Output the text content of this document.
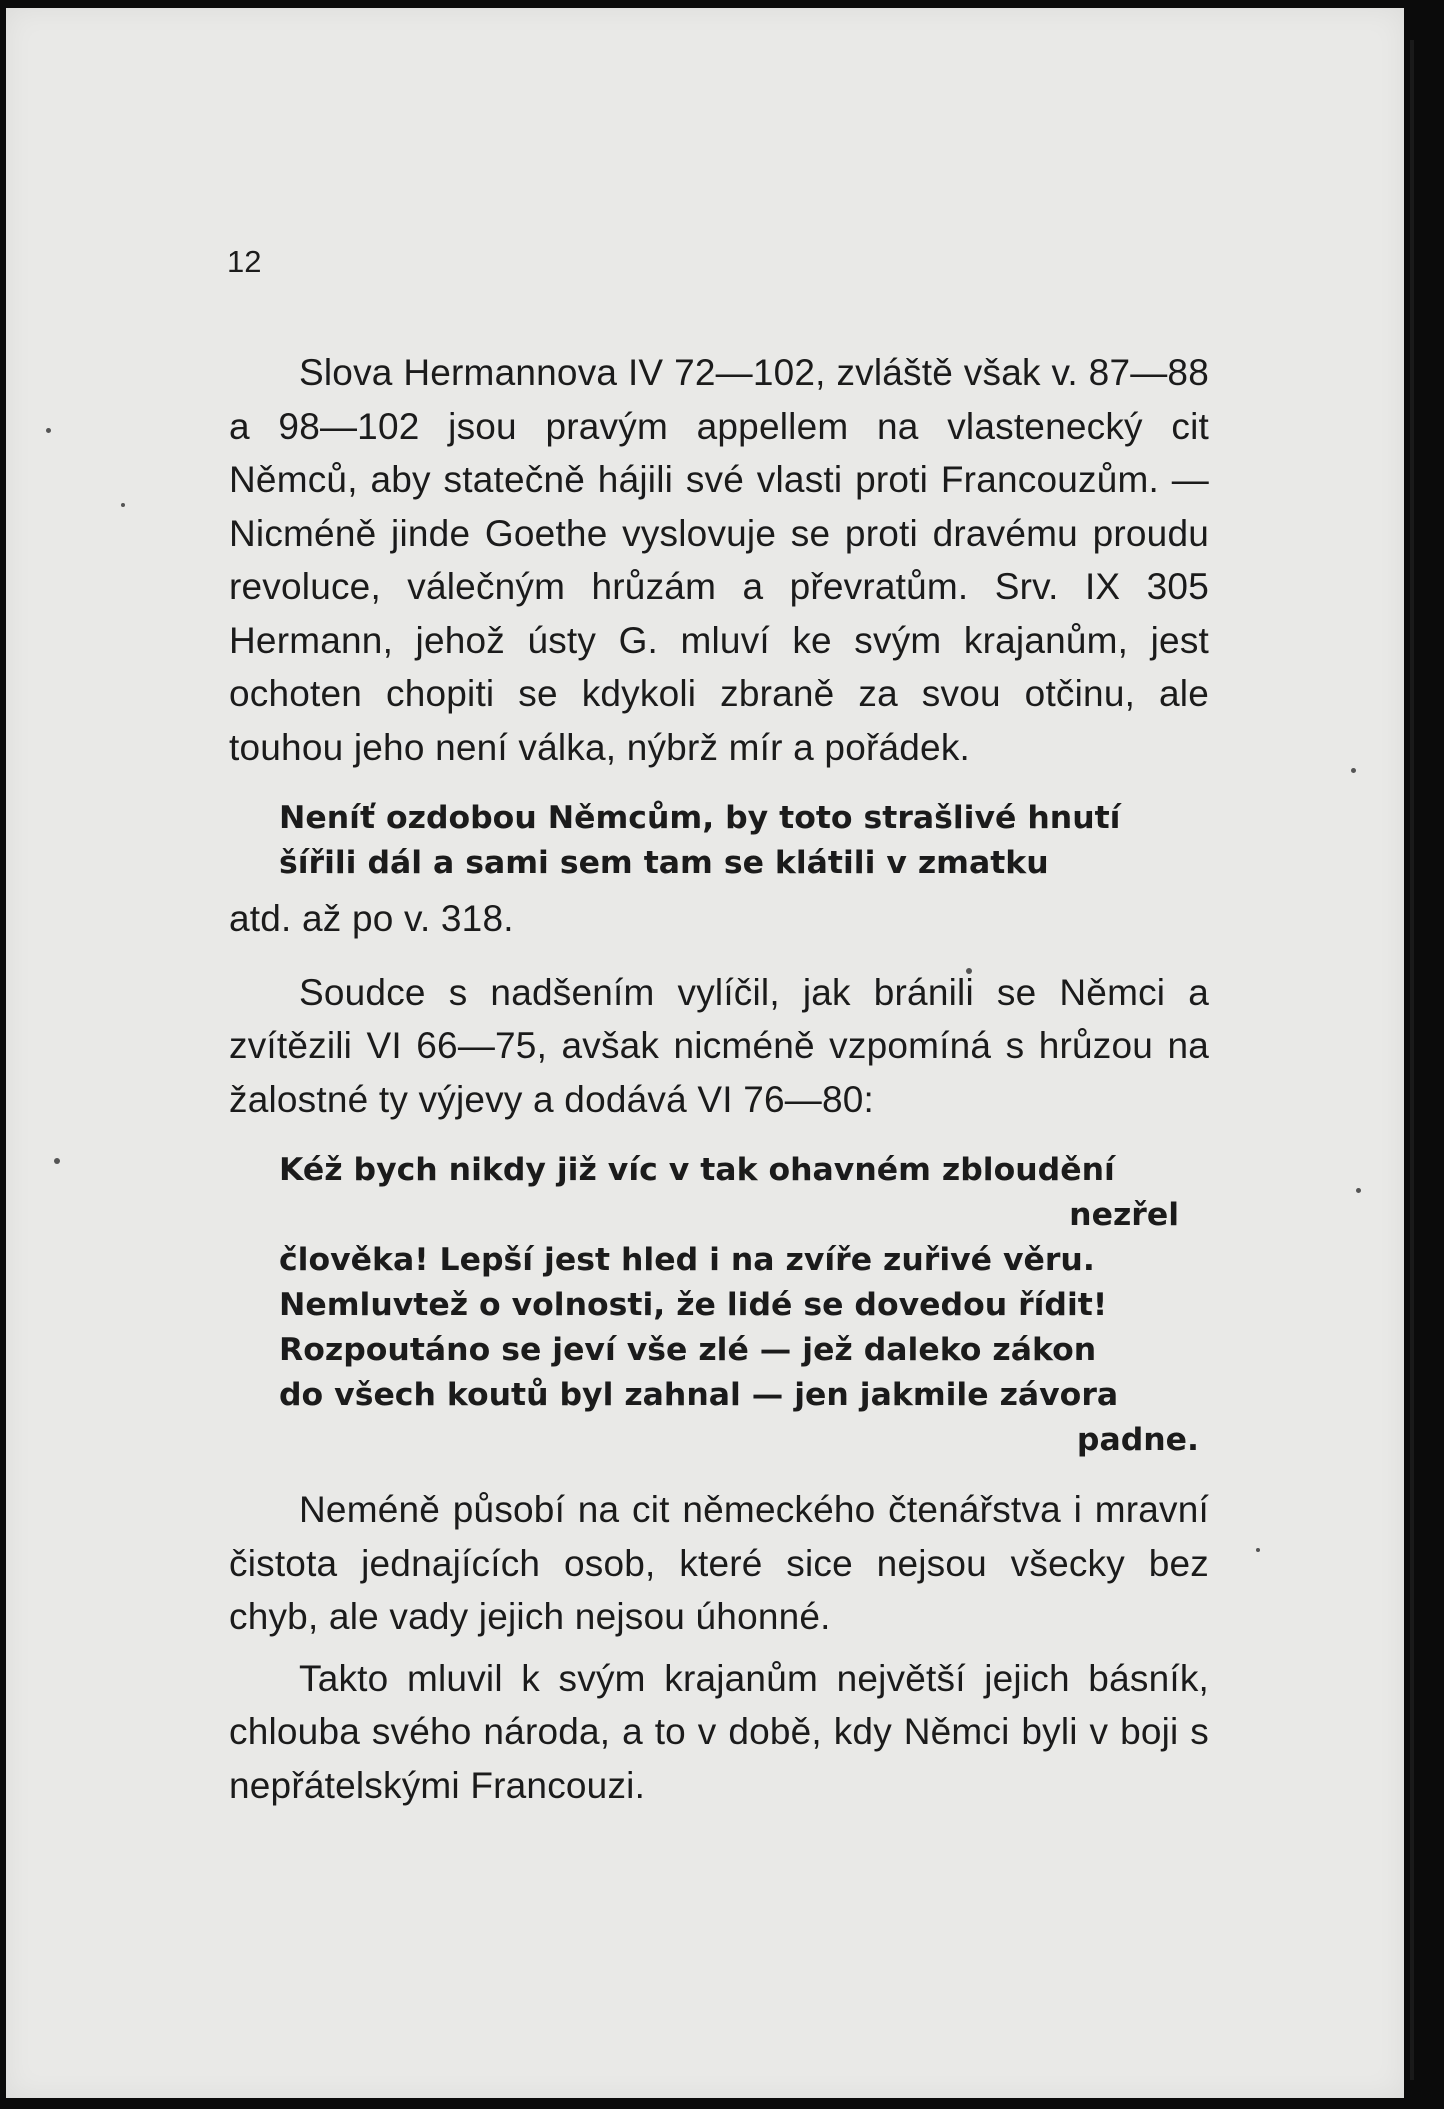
12

Slova Hermannova IV 72—102, zvláště však v. 87—88 a 98—102 jsou pravým appellem na vlastenecký cit Němců, aby statečně hájili své vlasti proti Francouzům. — Nicméně jinde Goethe vyslovuje se proti dravému proudu revoluce, válečným hrůzám a převratům. Srv. IX 305 Hermann, jehož ústy G. mluví ke svým krajanům, jest ochoten chopiti se kdykoli zbraně za svou otčinu, ale touhou jeho není válka, nýbrž mír a pořádek.

Neníť ozdobou Němcům, by toto strašlivé hnutí
šířili dál a sami sem tam se klátili v zmatku

atd. až po v. 318.

Soudce s nadšením vylíčil, jak bránili se Němci a zvítězili VI 66—75, avšak nicméně vzpomíná s hrůzou na žalostné ty výjevy a dodává VI 76—80:

Kéž bych nikdy již víc v tak ohavném zbloudění
nezřel
člověka! Lepší jest hled i na zvíře zuřivé věru.
Nemluvtež o volnosti, že lidé se dovedou řídit!
Rozpoutáno se jeví vše zlé — jež daleko zákon
do všech koutů byl zahnal — jen jakmile závora
padne.

Neméně působí na cit německého čtenářstva i mravní čistota jednajících osob, které sice nejsou všecky bez chyb, ale vady jejich nejsou úhonné.

Takto mluvil k svým krajanům největší jejich básník, chlouba svého národa, a to v době, kdy Němci byli v boji s nepřátelskými Francouzi.
